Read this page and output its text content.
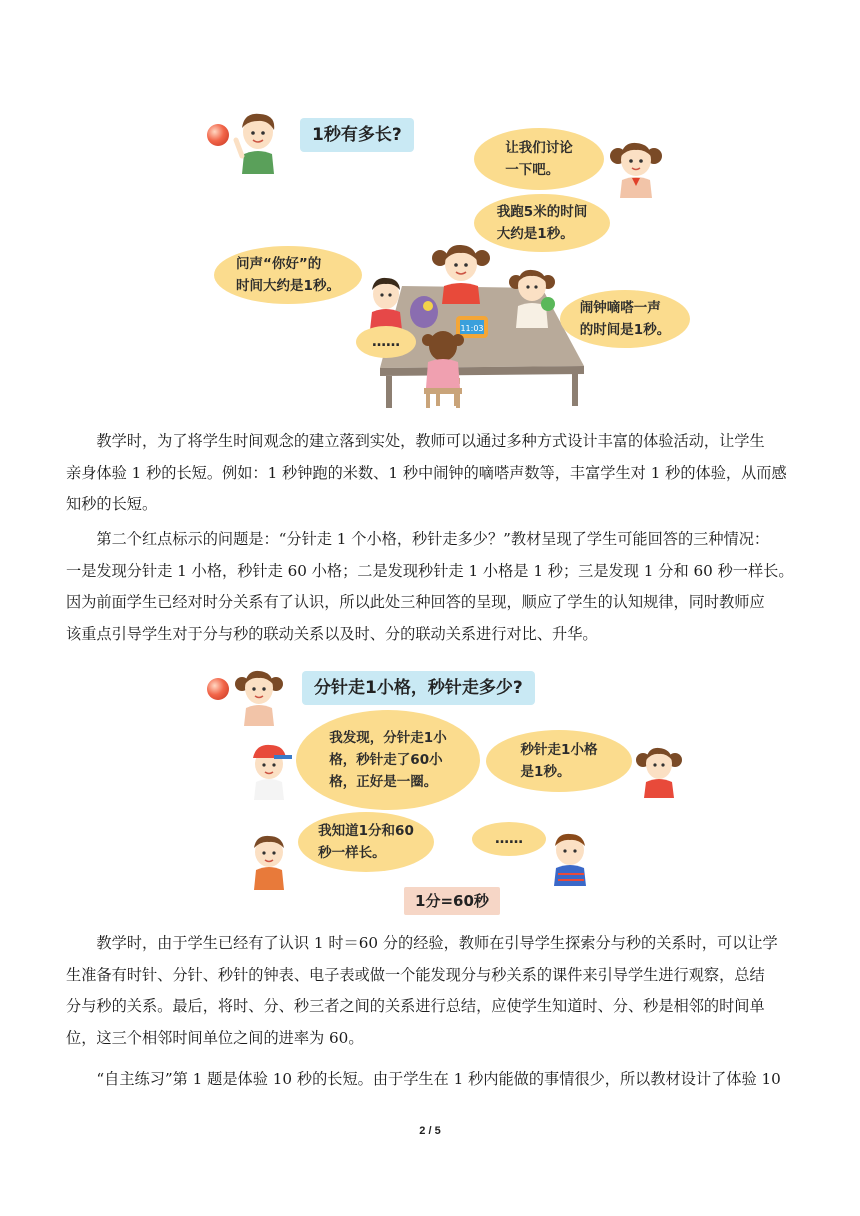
1秒有多长?
让我们讨论
一下吧。
我跑5米的时间
大约是1秒。
问声“你好”的
时间大约是1秒。
11:03
闹钟嘀嗒一声
的时间是1秒。
……
　　教学时，为了将学生时间观念的建立落到实处，教师可以通过多种方式设计丰富的体验活动，让学生
亲身体验 1 秒的长短。例如：1 秒钟跑的米数、1 秒中闹钟的嘀嗒声数等，丰富学生对 1 秒的体验，从而感
知秒的长短。
　　第二个红点标示的问题是：“分针走 1 个小格，秒针走多少？”教材呈现了学生可能回答的三种情况：
一是发现分针走 1 小格，秒针走 60 小格；二是发现秒针走 1 小格是 1 秒；三是发现 1 分和 60 秒一样长。
因为前面学生已经对时分关系有了认识，所以此处三种回答的呈现，顺应了学生的认知规律，同时教师应
该重点引导学生对于分与秒的联动关系以及时、分的联动关系进行对比、升华。
分针走1小格，秒针走多少?
我发现，分针走1小
格，秒针走了60小
格，正好是一圈。
秒针走1小格
是1秒。
我知道1分和60
秒一样长。
……
1分=60秒
　　教学时，由于学生已经有了认识 1 时＝60 分的经验，教师在引导学生探索分与秒的关系时，可以让学
生准备有时针、分针、秒针的钟表、电子表或做一个能发现分与秒关系的课件来引导学生进行观察，总结
分与秒的关系。最后，将时、分、秒三者之间的关系进行总结，应使学生知道时、分、秒是相邻的时间单
位，这三个相邻时间单位之间的进率为 60。
　　“自主练习”第 1 题是体验 10 秒的长短。由于学生在 1 秒内能做的事情很少，所以教材设计了体验 10
2 / 5
